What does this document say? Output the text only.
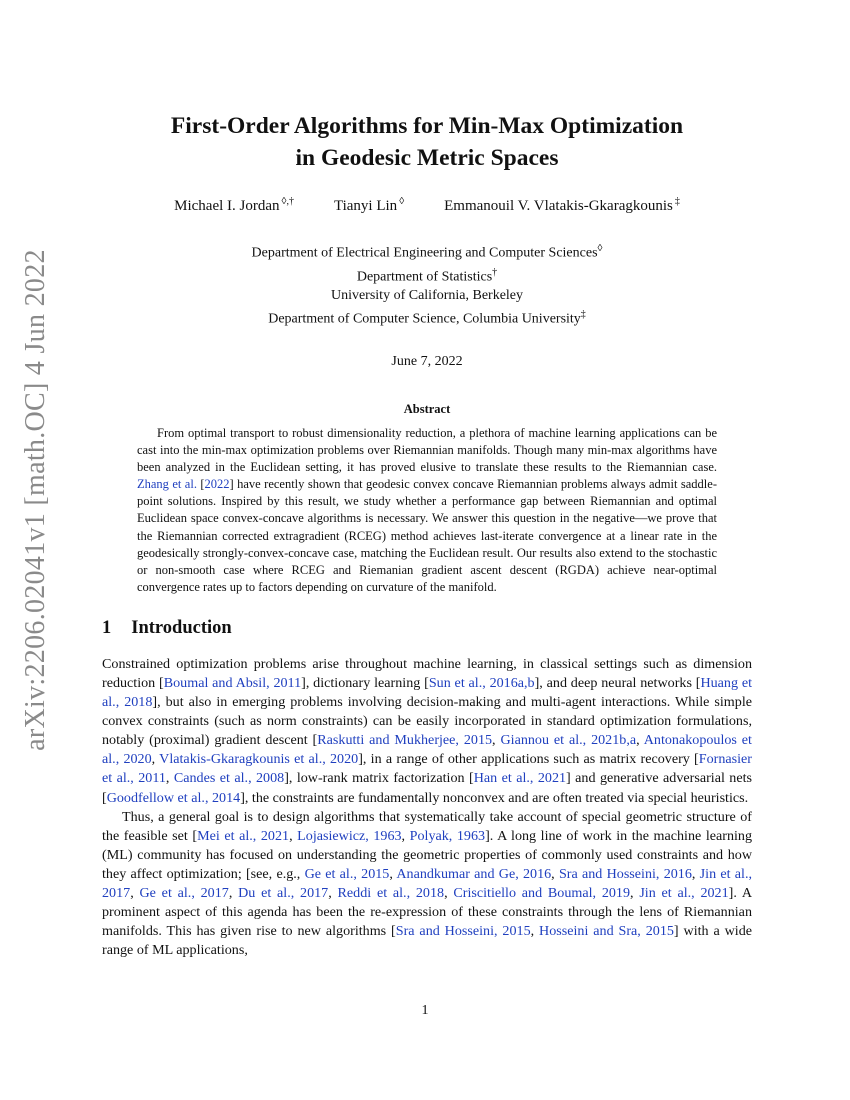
arXiv:2206.02041v1 [math.OC] 4 Jun 2022
First-Order Algorithms for Min-Max Optimization
in Geodesic Metric Spaces
Michael I. Jordan ◊,†	Tianyi Lin ◊	Emmanouil V. Vlatakis-Gkaragkounis ‡
Department of Electrical Engineering and Computer Sciences◊
Department of Statistics†
University of California, Berkeley
Department of Computer Science, Columbia University‡
June 7, 2022
Abstract

From optimal transport to robust dimensionality reduction, a plethora of machine learning applications can be cast into the min-max optimization problems over Riemannian manifolds. Though many min-max algorithms have been analyzed in the Euclidean setting, it has proved elusive to translate these results to the Riemannian case. Zhang et al. [2022] have recently shown that geodesic convex concave Riemannian problems always admit saddle-point solutions. Inspired by this result, we study whether a performance gap between Riemannian and optimal Euclidean space convex-concave algorithms is necessary. We answer this question in the negative—we prove that the Riemannian corrected extragradient (RCEG) method achieves last-iterate convergence at a linear rate in the geodesically strongly-convex-concave case, matching the Euclidean result. Our results also extend to the stochastic or non-smooth case where RCEG and Riemanian gradient ascent descent (RGDA) achieve near-optimal convergence rates up to factors depending on curvature of the manifold.

1 Introduction

Constrained optimization problems arise throughout machine learning, in classical settings such as dimension reduction [Boumal and Absil, 2011], dictionary learning [Sun et al., 2016a,b], and deep neural networks [Huang et al., 2018], but also in emerging problems involving decision-making and multi-agent interactions. While simple convex constraints (such as norm constraints) can be easily incorporated in standard optimization formulations, notably (proximal) gradient descent [Raskutti and Mukherjee, 2015, Giannou et al., 2021b,a, Antonakopoulos et al., 2020, Vlatakis-Gkaragkounis et al., 2020], in a range of other applications such as matrix recovery [Fornasier et al., 2011, Candes et al., 2008], low-rank matrix factorization [Han et al., 2021] and generative adversarial nets [Goodfellow et al., 2014], the constraints are fundamentally nonconvex and are often treated via special heuristics.

Thus, a general goal is to design algorithms that systematically take account of special geometric structure of the feasible set [Mei et al., 2021, Lojasiewicz, 1963, Polyak, 1963]. A long line of work in the machine learning (ML) community has focused on understanding the geometric properties of commonly used constraints and how they affect optimization; [see, e.g., Ge et al., 2015, Anandkumar and Ge, 2016, Sra and Hosseini, 2016, Jin et al., 2017, Ge et al., 2017, Du et al., 2017, Reddi et al., 2018, Criscitiello and Boumal, 2019, Jin et al., 2021]. A prominent aspect of this agenda has been the re-expression of these constraints through the lens of Riemannian manifolds. This has given rise to new algorithms [Sra and Hosseini, 2015, Hosseini and Sra, 2015] with a wide range of ML applications,

1
